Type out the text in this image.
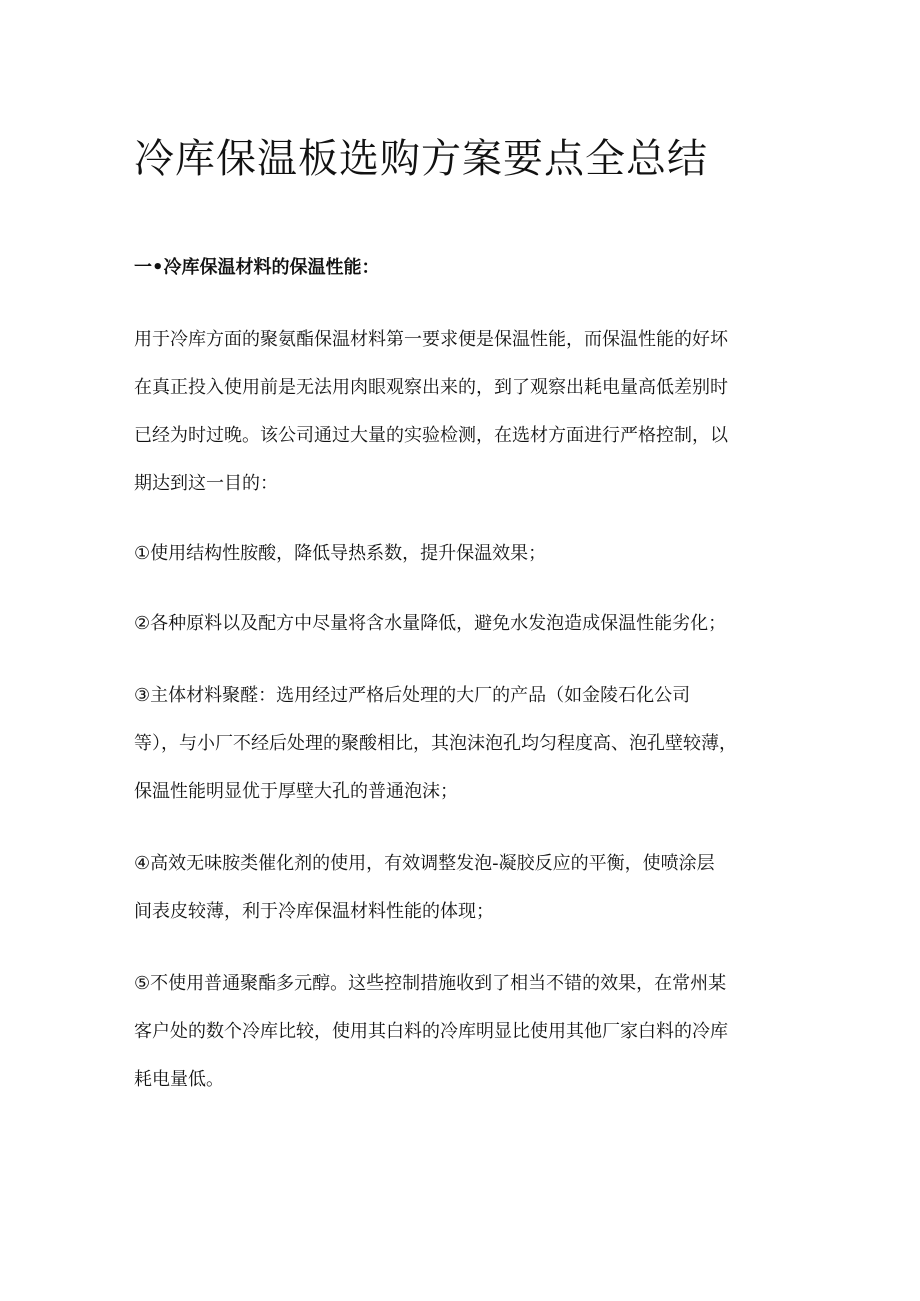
冷库保温板选购方案要点全总结
一•冷库保温材料的保温性能：

用于冷库方面的聚氨酯保温材料第一要求便是保温性能，而保温性能的好坏
在真正投入使用前是无法用肉眼观察出来的，到了观察出耗电量高低差别时
已经为时过晚。该公司通过大量的实验检测，在选材方面进行严格控制，以
期达到这一目的：

①使用结构性胺酸，降低导热系数，提升保温效果；

②各种原料以及配方中尽量将含水量降低，避免水发泡造成保温性能劣化；

③主体材料聚醛：选用经过严格后处理的大厂的产品（如金陵石化公司
等），与小厂不经后处理的聚酸相比，其泡沫泡孔均匀程度高、泡孔壁较薄，
保温性能明显优于厚壁大孔的普通泡沫；

④高效无味胺类催化剂的使用，有效调整发泡-凝胶反应的平衡，使喷涂层
间表皮较薄，利于冷库保温材料性能的体现；

⑤不使用普通聚酯多元醇。这些控制措施收到了相当不错的效果，在常州某
客户处的数个冷库比较，使用其白料的冷库明显比使用其他厂家白料的冷库
耗电量低。
